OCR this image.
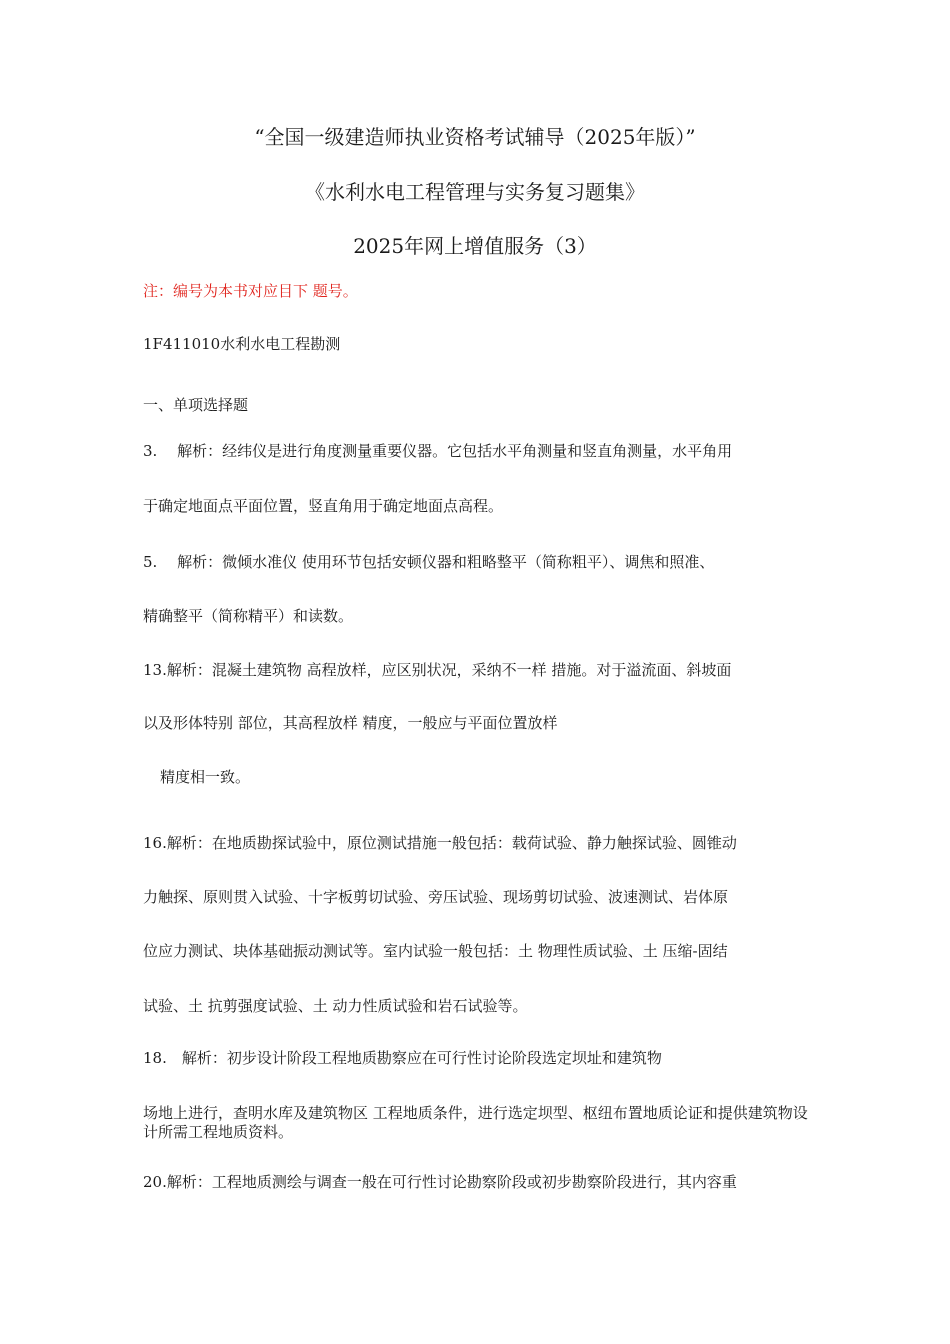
“全国一级建造师执业资格考试辅导（2025年版）”
《水利水电工程管理与实务复习题集》
2025年网上增值服务（3）
注：编号为本书对应目下 题号。
1F411010水利水电工程勘测
一、单项选择题
3.　 解析：经纬仪是进行角度测量重要仪器。它包括水平角测量和竖直角测量，水平角用
于确定地面点平面位置，竖直角用于确定地面点高程。
5.　 解析：微倾水准仪 使用环节包括安顿仪器和粗略整平（简称粗平）、调焦和照准、
精确整平（简称精平）和读数。
13.解析：混凝土建筑物 高程放样，应区别状况，采纳不一样 措施。对于溢流面、斜坡面
以及形体特别 部位，其高程放样 精度，一般应与平面位置放样
精度相一致。
16.解析：在地质勘探试验中，原位测试措施一般包括：载荷试验、静力触探试验、圆锥动
力触探、原则贯入试验、十字板剪切试验、旁压试验、现场剪切试验、波速测试、岩体原
位应力测试、块体基础振动测试等。室内试验一般包括：土 物理性质试验、土 压缩-固结
试验、土 抗剪强度试验、土 动力性质试验和岩石试验等。
18.　解析：初步设计阶段工程地质勘察应在可行性讨论阶段选定坝址和建筑物
场地上进行，查明水库及建筑物区 工程地质条件，进行选定坝型、枢纽布置地质论证和提供建筑物设计所需工程地质资料。
20.解析：工程地质测绘与调查一般在可行性讨论勘察阶段或初步勘察阶段进行，其内容重
